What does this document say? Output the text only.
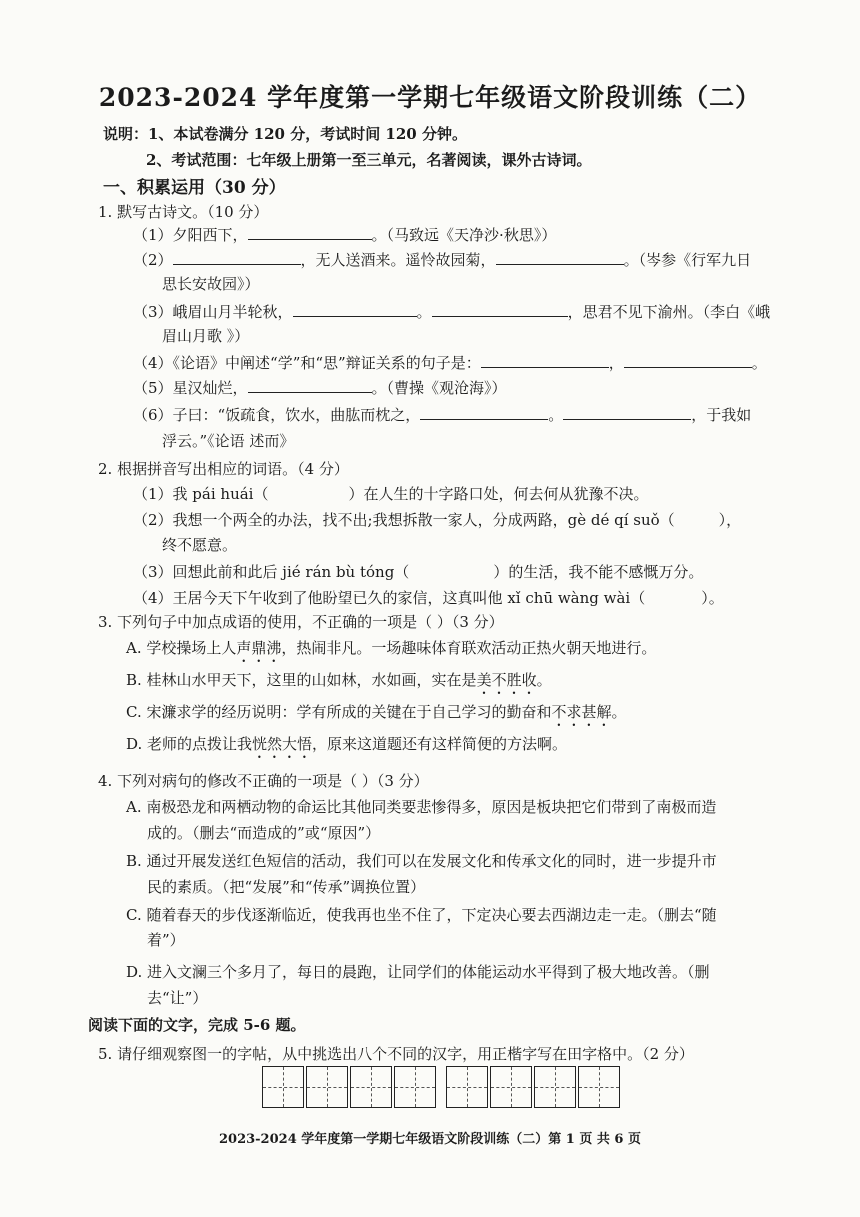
2023-2024 学年度第一学期七年级语文阶段训练（二）
说明：1、本试卷满分 120 分，考试时间 120 分钟。
2、考试范围：七年级上册第一至三单元，名著阅读，课外古诗词。
一、积累运用（30 分）
1. 默写古诗文。（10 分）
（1）夕阳西下，	。（马致远《天净沙·秋思》）
（2）	，无人送酒来。遥怜故园菊，	。（岑参《行军九日
思长安故园》）
（3）峨眉山月半轮秋，	。	，思君不见下渝州。（李白《峨
眉山月歌 》）
（4）《论语》中阐述“学”和“思”辩证关系的句子是：	，	。
（5）星汉灿烂，	。（曹操《观沧海》）
（6）子曰：“饭疏食，饮水，曲肱而枕之，	。	，于我如
浮云。”《论语 述而》
2. 根据拼音写出相应的词语。（4 分）
（1）我 pái huái（	）在人生的十字路口处，何去何从犹豫不决。
（2）我想一个两全的办法，找不出;我想拆散一家人，分成两路，gè dé qí suǒ（	），
终不愿意。
（3）回想此前和此后 jié rán bù tóng（	）的生活，我不能不感慨万分。
（4）王居今天下午收到了他盼望已久的家信，这真叫他 xǐ chū wàng wài（	）。
3. 下列句子中加点成语的使用，不正确的一项是（ ）（3 分）
A. 学校操场上人声鼎沸，热闹非凡。一场趣味体育联欢活动正热火朝天地进行。
B. 桂林山水甲天下，这里的山如林，水如画，实在是美不胜收。
C. 宋濂求学的经历说明：学有所成的关键在于自己学习的勤奋和不求甚解。
D. 老师的点拨让我恍然大悟，原来这道题还有这样简便的方法啊。
4. 下列对病句的修改不正确的一项是（ ）（3 分）
A. 南极恐龙和两栖动物的命运比其他同类要悲惨得多，原因是板块把它们带到了南极而造
成的。（删去“而造成的”或“原因”）
B. 通过开展发送红色短信的活动，我们可以在发展文化和传承文化的同时，进一步提升市
民的素质。（把“发展”和“传承”调换位置）
C. 随着春天的步伐逐渐临近，使我再也坐不住了，下定决心要去西湖边走一走。（删去“随
着”）
D. 进入文澜三个多月了，每日的晨跑，让同学们的体能运动水平得到了极大地改善。（删
去“让”）
阅读下面的文字，完成 5-6 题。
5. 请仔细观察图一的字帖，从中挑选出八个不同的汉字，用正楷字写在田字格中。（2 分）
2023-2024 学年度第一学期七年级语文阶段训练（二）第 1 页 共 6 页
